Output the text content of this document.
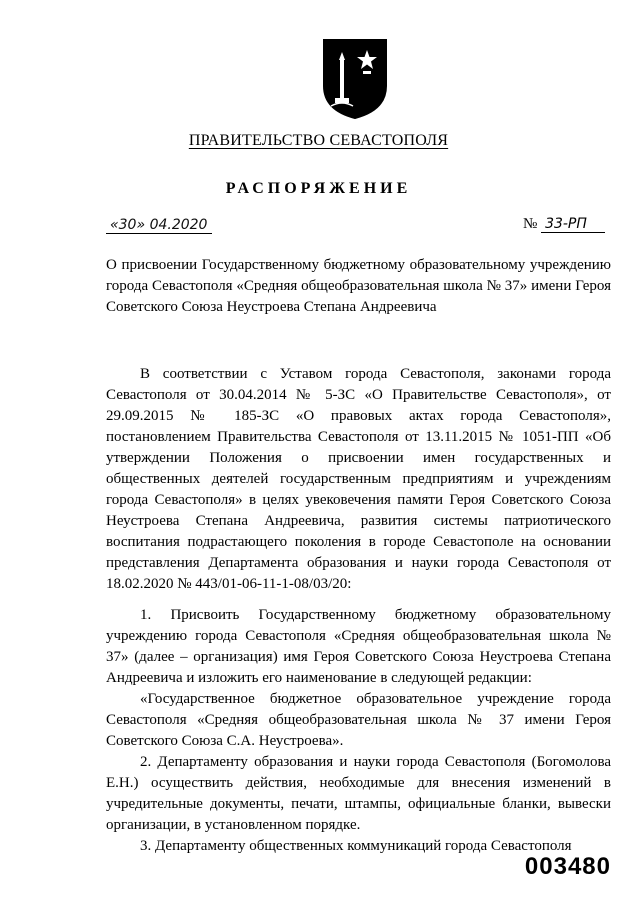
ПРАВИТЕЛЬСТВО СЕВАСТОПОЛЯ
РАСПОРЯЖЕНИЕ
«30» 04.2020	№ 33-РП

О присвоении Государственному бюджетному образовательному учреждению города Севастополя «Средняя общеобразовательная школа № 37» имени Героя Советского Союза Неустроева Степана Андреевича

В соответствии с Уставом города Севастополя, законами города Севастополя от 30.04.2014 № 5-ЗС «О Правительстве Севастополя», от 29.09.2015 № 185-ЗС «О правовых актах города Севастополя», постановлением Правительства Севастополя от 13.11.2015 № 1051-ПП «Об утверждении Положения о присвоении имен государственных и общественных деятелей государственным предприятиям и учреждениям города Севастополя» в целях увековечения памяти Героя Советского Союза Неустроева Степана Андреевича, развития системы патриотического воспитания подрастающего поколения в городе Севастополе на основании представления Департамента образования и науки города Севастополя от 18.02.2020 № 443/01-06-11-1-08/03/20:

1. Присвоить Государственному бюджетному образовательному учреждению города Севастополя «Средняя общеобразовательная школа № 37» (далее – организация) имя Героя Советского Союза Неустроева Степана Андреевича и изложить его наименование в следующей редакции:

«Государственное бюджетное образовательное учреждение города Севастополя «Средняя общеобразовательная школа № 37 имени Героя Советского Союза С.А. Неустроева».

2. Департаменту образования и науки города Севастополя (Богомолова Е.Н.) осуществить действия, необходимые для внесения изменений в учредительные документы, печати, штампы, официальные бланки, вывески организации, в установленном порядке.

3. Департаменту общественных коммуникаций города Севастополя

003480
